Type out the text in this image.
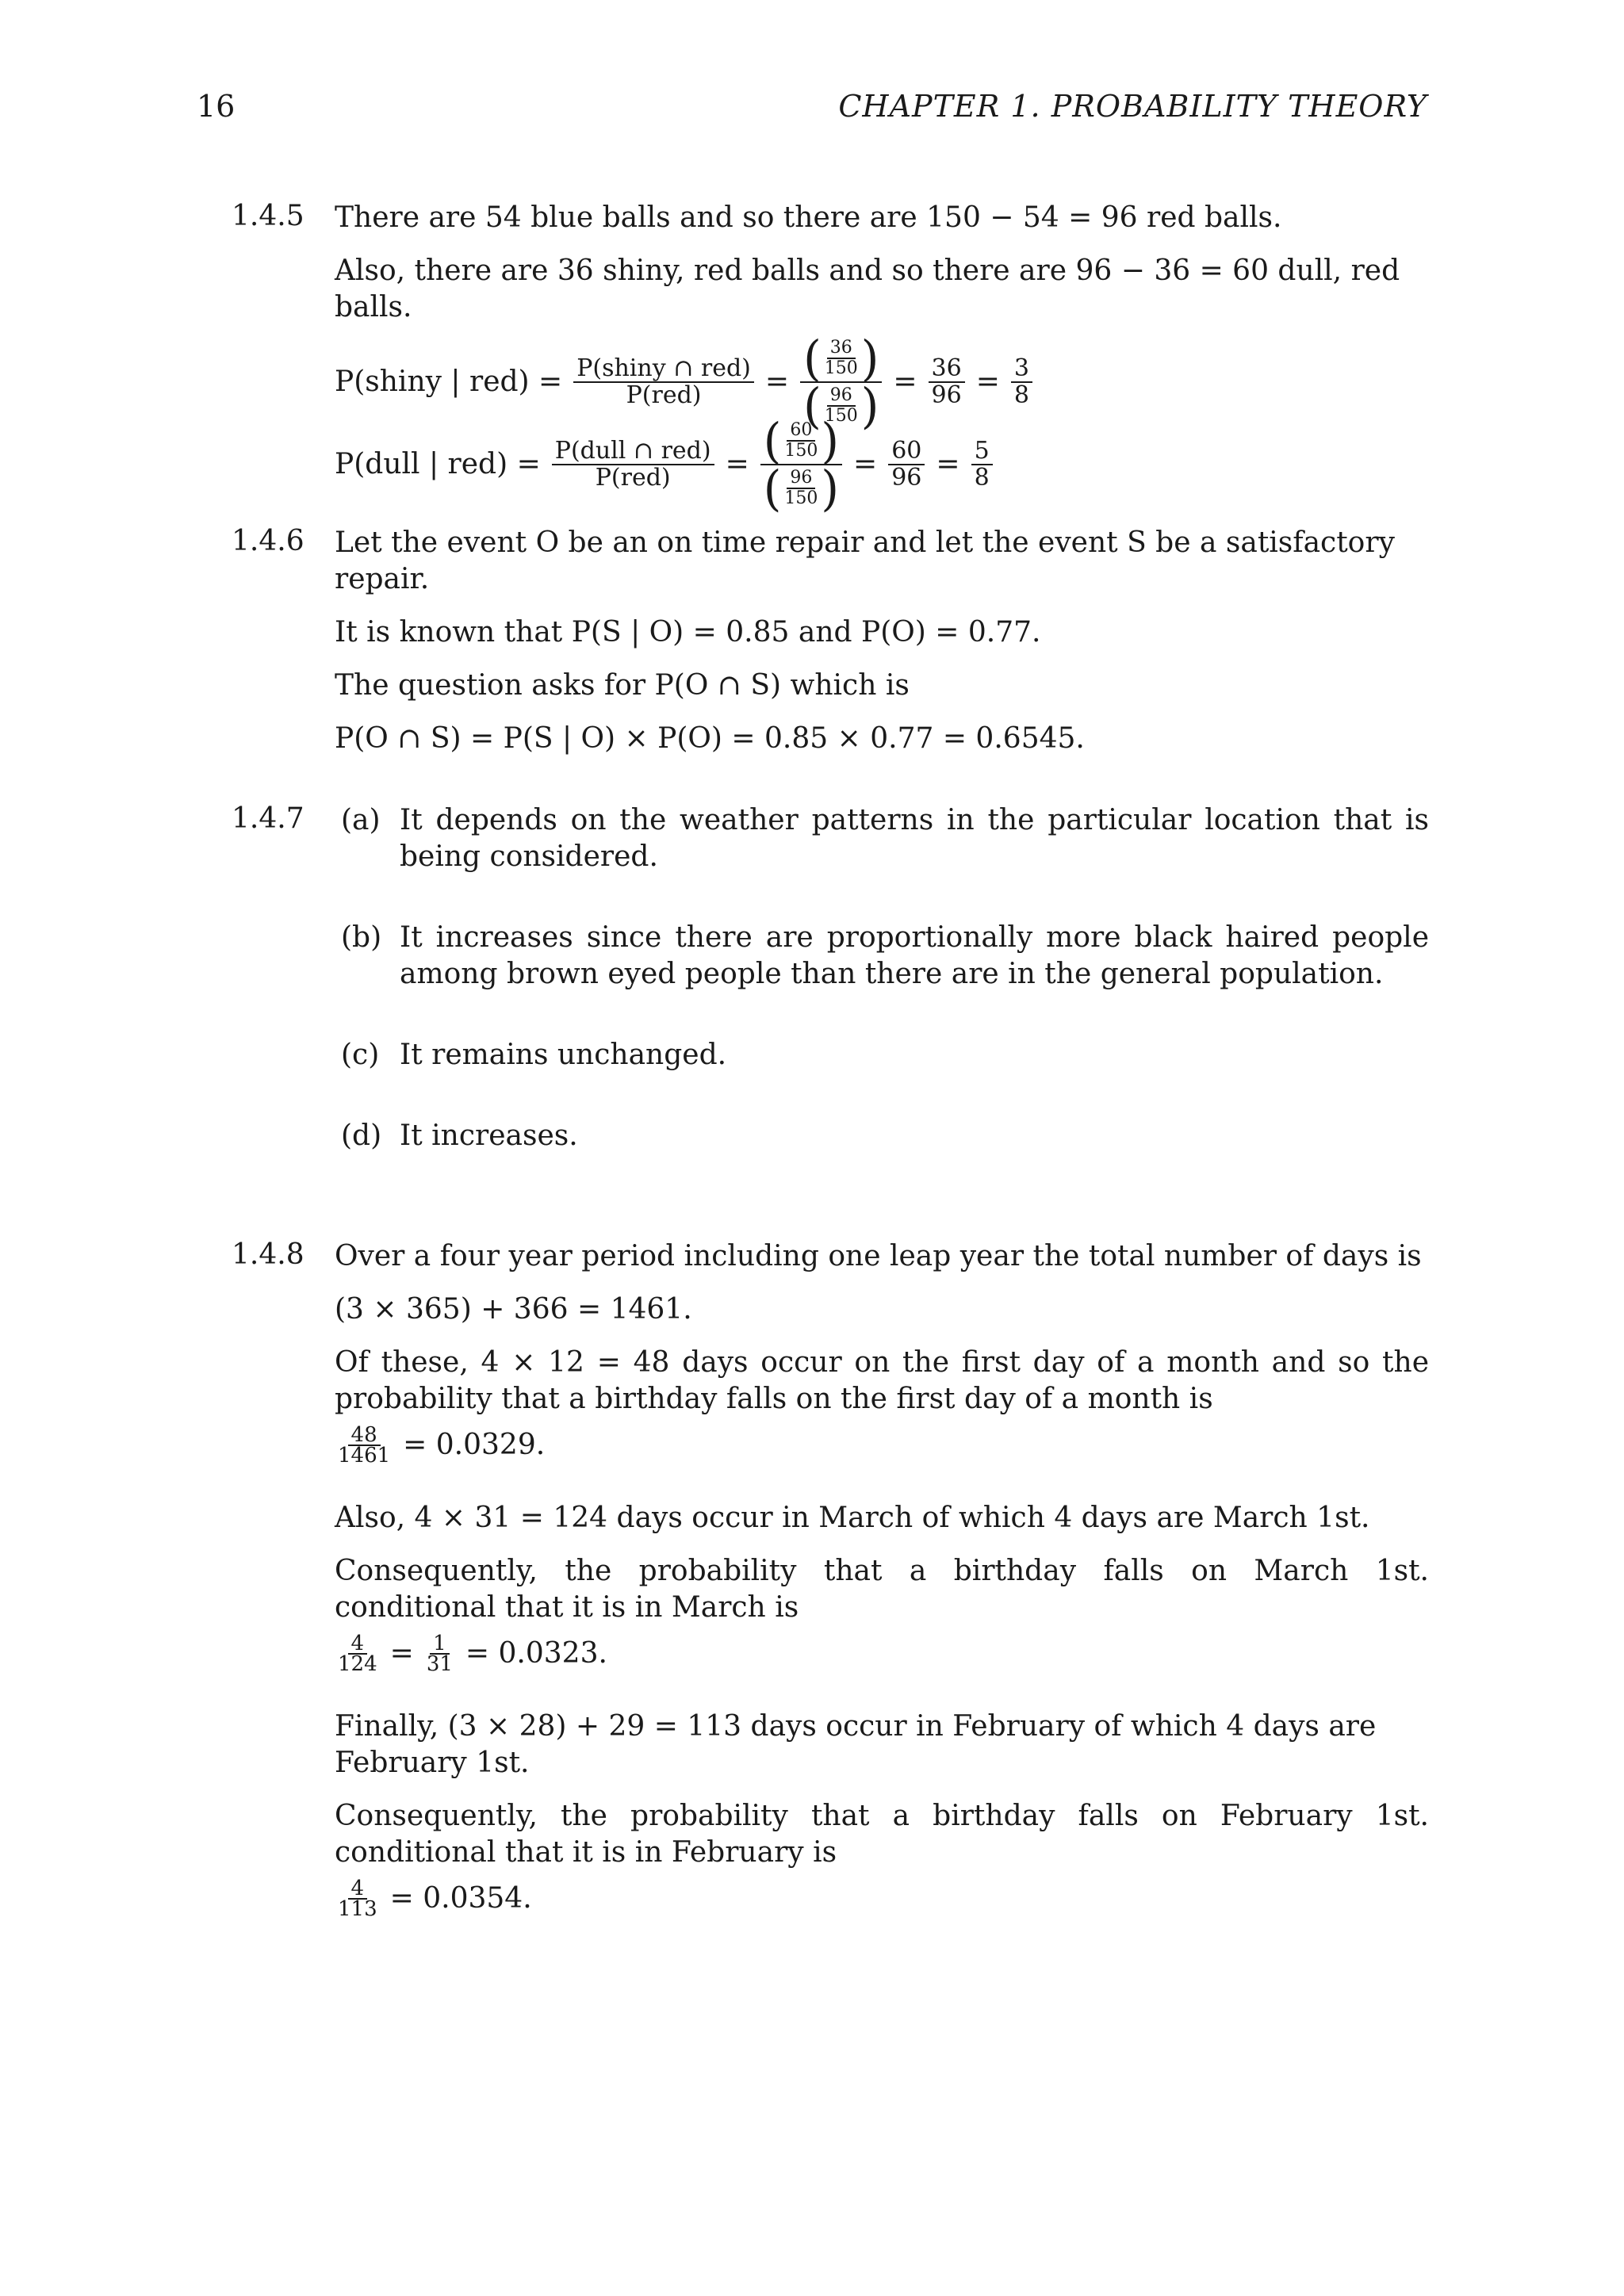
16	CHAPTER 1. PROBABILITY THEORY
1.4.5 There are 54 blue balls and so there are 150 − 54 = 96 red balls.
Also, there are 36 shiny, red balls and so there are 96 − 36 = 60 dull, red balls.
P(shiny | $red) = \frac{\text{P(shiny ∩ red)}}{\text{P(red)}} = \frac{( \frac{36}{150} )}{( \frac{96}{150} )} = \frac{36}{96} = \frac{3}{8}$
P(dull | $red) = \frac{\text{P(dull ∩ red)}}{\text{P(red)}} = \frac{( \frac{60}{150} )}{( \frac{96}{150} )} = \frac{60}{96} = \frac{5}{8}$
1.4.6 Let the event O be an on time repair and let the event S be a satisfactory repair.
It is known that P(S | O) = 0.85 and P(O) = 0.77.
The question asks for P(O ∩ S) which is
P(O ∩ S) = P(S | O) × P(O) = 0.85 × 0.77 = 0.6545.
1.4.7 (a) It depends on the weather patterns in the particular location that is being considered.
(b) It increases since there are proportionally more black haired people among brown eyed people than there are in the general population.
(c) It remains unchanged.
(d) It increases.
1.4.8 Over a four year period including one leap year the total number of days is
(3 × 365) + 366 = 1461.
Of these, 4 × 12 = 48 days occur on the first day of a month and so the probability that a birthday falls on the first day of a month is
$\frac{48}{1461} = 0.0329$.
Also, 4 × 31 = 124 days occur in March of which 4 days are March 1st.
Consequently, the probability that a birthday falls on March 1st. conditional that it is in March is
$\frac{4}{124} = \frac{1}{31} = 0.0323$.
Finally, (3 × 28) + 29 = 113 days occur in February of which 4 days are February 1st.
Consequently, the probability that a birthday falls on February 1st. conditional that it is in February is
$\frac{4}{113} = 0.0354$.
